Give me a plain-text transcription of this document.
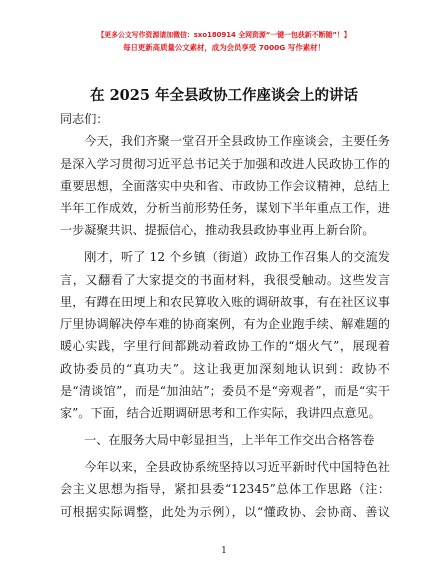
【更多公文写作资源请加微信：sxo180914 全网资源“一键一包获新不断随”！】
每日更新高质量公文素材，成为会员享受 7000G 写作素材！
在 2025 年全县政协工作座谈会上的讲话
同志们：
今天，我们齐聚一堂召开全县政协工作座谈会，主要任务
是深入学习贯彻习近平总书记关于加强和改进人民政协工作的
重要思想，全面落实中央和省、市政协工作会议精神，总结上
半年工作成效，分析当前形势任务，谋划下半年重点工作，进
一步凝聚共识、提振信心，推动我县政协事业再上新台阶。
刚才，听了 12 个乡镇（街道）政协工作召集人的交流发
言，又翻看了大家提交的书面材料，我很受触动。这些发言
里，有蹲在田埂上和农民算收入账的调研故事，有在社区议事
厅里协调解决停车难的协商案例，有为企业跑手续、解难题的
暖心实践，字里行间都跳动着政协工作的“烟火气”，展现着
政协委员的“真功夫”。这让我更加深刻地认识到：政协不
是“清谈馆”，而是“加油站”；委员不是“旁观者”，而是“实干
家”。下面，结合近期调研思考和工作实际，我讲四点意见。
一、在服务大局中彰显担当，上半年工作交出合格答卷
今年以来，全县政协系统坚持以习近平新时代中国特色社
会主义思想为指导，紧扣县委“12345”总体工作思路（注：
可根据实际调整，此处为示例），以“懂政协、会协商、善议
1
